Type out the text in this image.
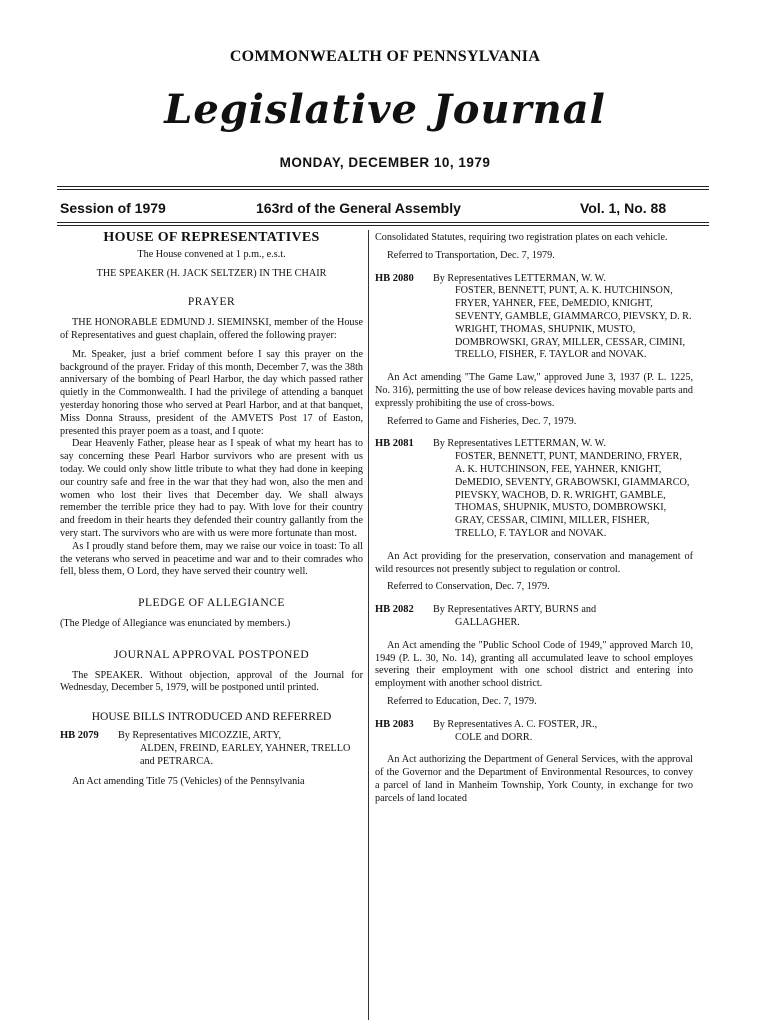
COMMONWEALTH OF PENNSYLVANIA
Legislative Journal
MONDAY, DECEMBER 10, 1979
Session of 1979	163rd of the General Assembly	Vol. 1, No. 88
HOUSE OF REPRESENTATIVES

The House convened at 1 p.m., e.s.t.

THE SPEAKER (H. JACK SELTZER) IN THE CHAIR

PRAYER

THE HONORABLE EDMUND J. SIEMINSKI, member of the House of Representatives and guest chaplain, offered the following prayer:

Mr. Speaker, just a brief comment before I say this prayer on the background of the prayer. Friday of this month, December 7, was the 38th anniversary of the bombing of Pearl Harbor, the day which passed rather quietly in the Commonwealth. I had the privilege of attending a banquet yesterday honoring those who served at Pearl Harbor, and at that banquet, Miss Donna Strauss, president of the AMVETS Post 17 of Easton, presented this prayer poem as a toast, and I quote:

Dear Heavenly Father, please hear as I speak of what my heart has to say concerning these Pearl Harbor survivors who are present with us today. We could only show little tribute to what they had done in keeping our country safe and free in the war that they had won, also the men and women who lost their lives that December day. We shall always remember the terrible price they had to pay. With love for their country and freedom in their hearts they defended their country gallantly from the very start. The survivors who are with us were more fortunate than most.

As I proudly stand before them, may we raise our voice in toast: To all the veterans who served in peacetime and war and to their comrades who fell, bless them, O Lord, they have served their country well.

PLEDGE OF ALLEGIANCE

(The Pledge of Allegiance was enunciated by members.)

JOURNAL APPROVAL POSTPONED

The SPEAKER. Without objection, approval of the Journal for Wednesday, December 5, 1979, will be postponed until printed.

HOUSE BILLS INTRODUCED AND REFERRED
HB 2079	By Representatives MICOZZIE, ARTY,

ALDEN, FREIND, EARLEY, YAHNER, TRELLO and PETRARCA.

An Act amending Title 75 (Vehicles) of the Pennsylvania

Consolidated Statutes, requiring two registration plates on each vehicle.

Referred to Transportation, Dec. 7, 1979.

HB 2080	By Representatives LETTERMAN, W. W.

FOSTER, BENNETT, PUNT, A. K. HUTCHINSON, FRYER, YAHNER, FEE, DeMEDIO, KNIGHT, SEVENTY, GAMBLE, GIAMMARCO, PIEVSKY, D. R. WRIGHT, THOMAS, SHUPNIK, MUSTO, DOMBROWSKI, GRAY, MILLER, CESSAR, CIMINI, TRELLO, FISHER, F. TAYLOR and NOVAK.

An Act amending "The Game Law," approved June 3, 1937 (P. L. 1225, No. 316), permitting the use of bow release devices having movable parts and expressly prohibiting the use of cross-bows.

Referred to Game and Fisheries, Dec. 7, 1979.

HB 2081	By Representatives LETTERMAN, W. W.

FOSTER, BENNETT, PUNT, MANDERINO, FRYER, A. K. HUTCHINSON, FEE, YAHNER, KNIGHT, DeMEDIO, SEVENTY, GRABOWSKI, GIAMMARCO, PIEVSKY, WACHOB, D. R. WRIGHT, GAMBLE, THOMAS, SHUPNIK, MUSTO, DOMBROWSKI, GRAY, CESSAR, CIMINI, MILLER, FISHER, TRELLO, F. TAYLOR and NOVAK.

An Act providing for the preservation, conservation and management of wild resources not presently subject to regulation or control.

Referred to Conservation, Dec. 7, 1979.

HB 2082	By Representatives ARTY, BURNS and

GALLAGHER.

An Act amending the "Public School Code of 1949," approved March 10, 1949 (P. L. 30, No. 14), granting all accumulated leave to school employes severing their employment with one school district and entering into employment with another school district.

Referred to Education, Dec. 7, 1979.

HB 2083	By Representatives A. C. FOSTER, JR.,

COLE and DORR.

An Act authorizing the Department of General Services, with the approval of the Governor and the Department of Environmental Resources, to convey a parcel of land in Manheim Township, York County, in exchange for two parcels of land located
